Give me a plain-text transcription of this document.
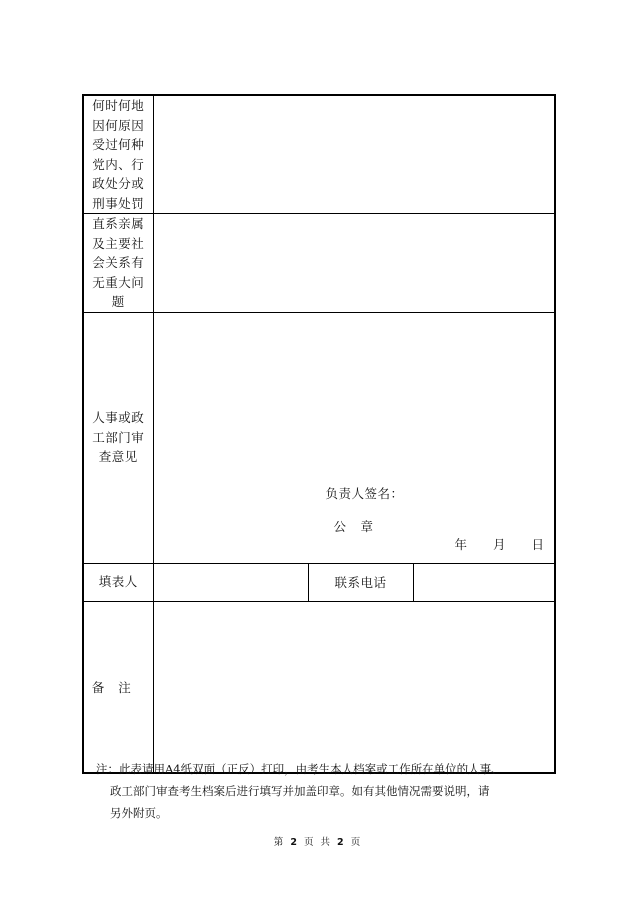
何时何地因何原因受过何种党内、行政处分或刑事处罚			
直系亲属及主要社会关系有无重大问题			
人事或政工部门审查意见	负责人签名：
公 章
年 月 日		

填表人		联系电话	
备注			
注：此表请用A4纸双面（正反）打印，由考生本人档案或工作所在单位的人事、
政工部门审查考生档案后进行填写并加盖印章。如有其他情况需要说明，请
另外附页。
第 2 页 共 2 页
